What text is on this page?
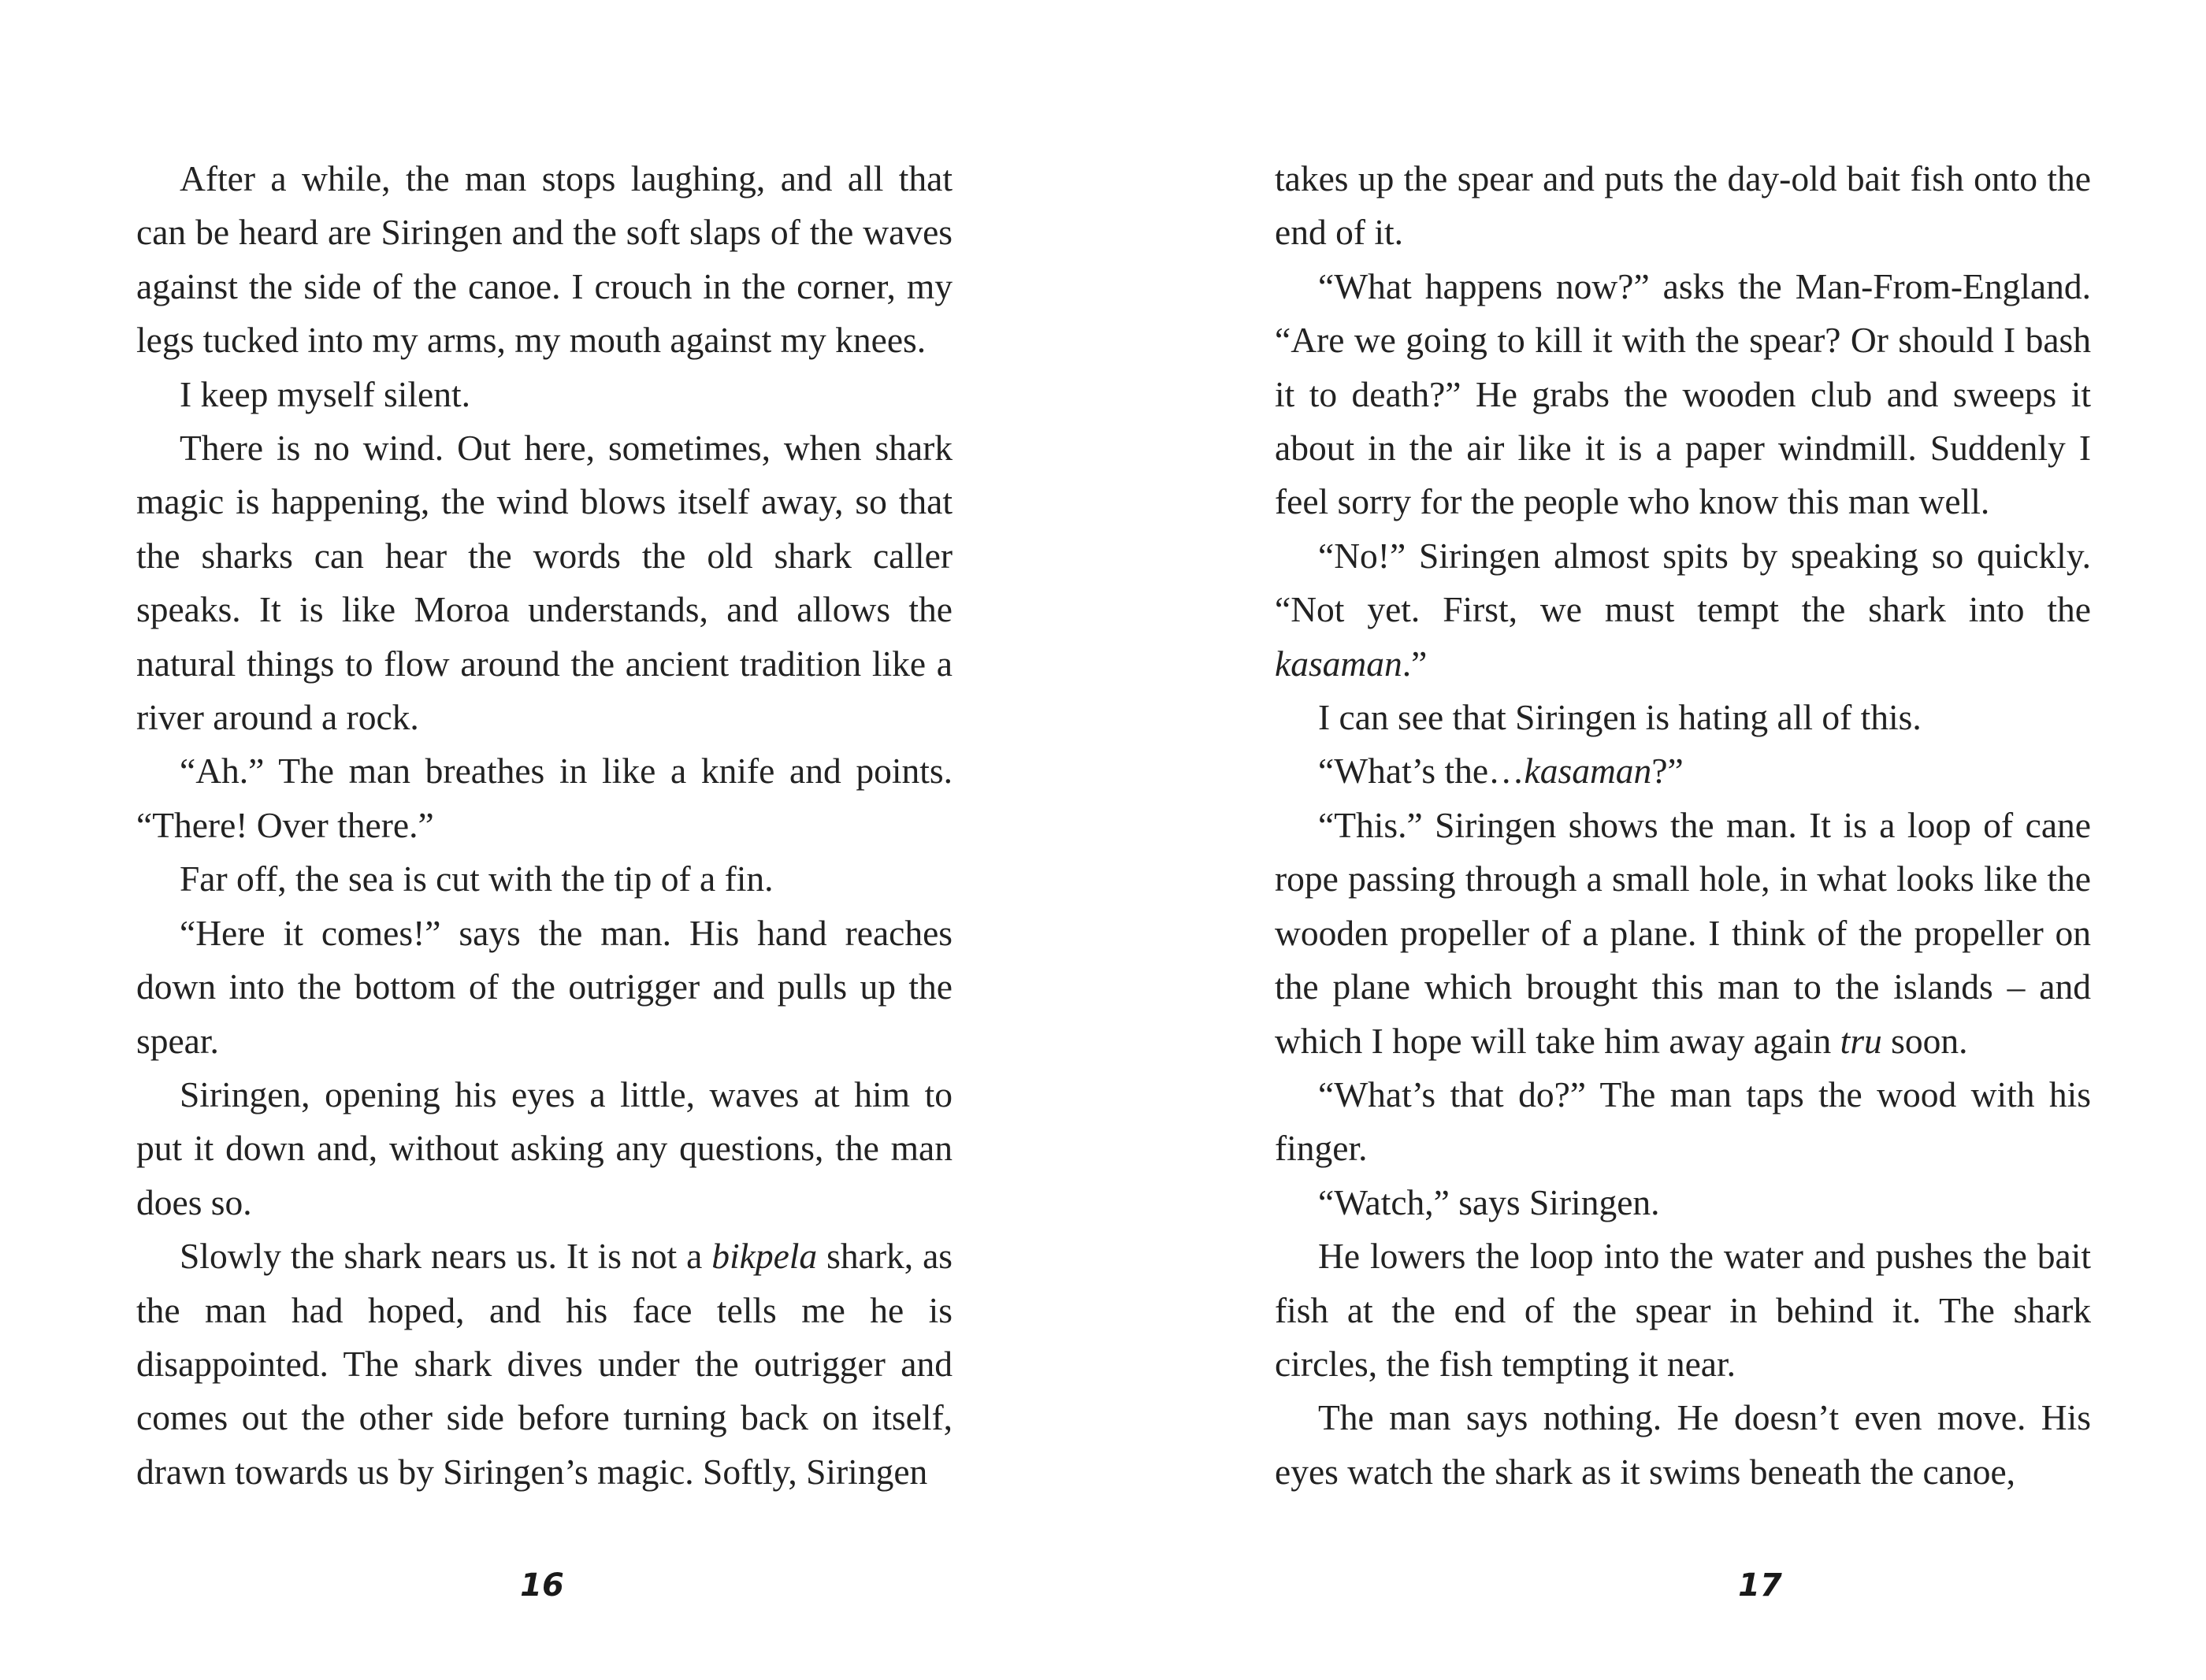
After a while, the man stops laughing, and all that can be heard are Siringen and the soft slaps of the waves against the side of the canoe. I crouch in the corner, my legs tucked into my arms, my mouth against my knees.

I keep myself silent.

There is no wind. Out here, sometimes, when shark magic is happening, the wind blows itself away, so that the sharks can hear the words the old shark caller speaks. It is like Moroa understands, and allows the natural things to flow around the ancient tradition like a river around a rock.

“Ah.” The man breathes in like a knife and points. “There! Over there.”

Far off, the sea is cut with the tip of a fin.

“Here it comes!” says the man. His hand reaches down into the bottom of the outrigger and pulls up the spear.

Siringen, opening his eyes a little, waves at him to put it down and, without asking any questions, the man does so.

Slowly the shark nears us. It is not a bikpela shark, as the man had hoped, and his face tells me he is disappointed. The shark dives under the outrigger and comes out the other side before turning back on itself, drawn towards us by Siringen’s magic. Softly, Siringen

16

takes up the spear and puts the day-old bait fish onto the end of it.

“What happens now?” asks the Man-From-England. “Are we going to kill it with the spear? Or should I bash it to death?” He grabs the wooden club and sweeps it about in the air like it is a paper windmill. Suddenly I feel sorry for the people who know this man well.

“No!” Siringen almost spits by speaking so quickly. “Not yet. First, we must tempt the shark into the kasaman.”

I can see that Siringen is hating all of this.

“What’s the…kasaman?”

“This.” Siringen shows the man. It is a loop of cane rope passing through a small hole, in what looks like the wooden propeller of a plane. I think of the propeller on the plane which brought this man to the islands – and which I hope will take him away again tru soon.

“What’s that do?” The man taps the wood with his finger.

“Watch,” says Siringen.

He lowers the loop into the water and pushes the bait fish at the end of the spear in behind it. The shark circles, the fish tempting it near.

The man says nothing. He doesn’t even move. His eyes watch the shark as it swims beneath the canoe,

17
